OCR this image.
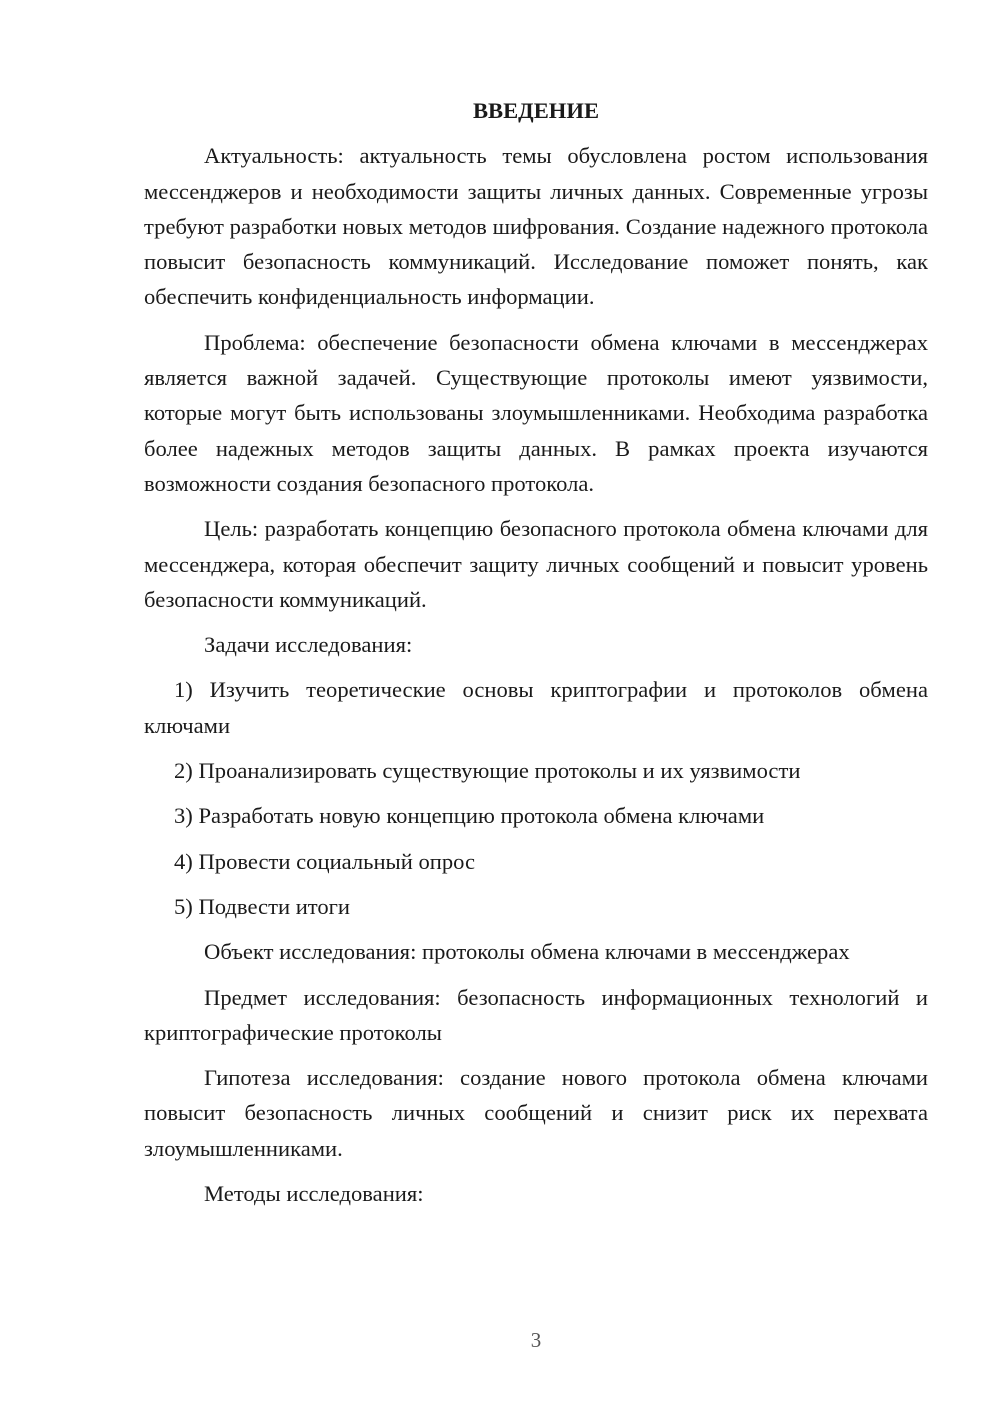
ВВЕДЕНИЕ

Актуальность: актуальность темы обусловлена ростом использования мессенджеров и необходимости защиты личных данных. Современные угрозы требуют разработки новых методов шифрования. Создание надежного протокола повысит безопасность коммуникаций. Исследование поможет понять, как обеспечить конфиденциальность информации.

Проблема: обеспечение безопасности обмена ключами в мессенджерах является важной задачей. Существующие протоколы имеют уязвимости, которые могут быть использованы злоумышленниками. Необходима разработка более надежных методов защиты данных. В рамках проекта изучаются возможности создания безопасного протокола.

Цель: разработать концепцию безопасного протокола обмена ключами для мессенджера, которая обеспечит защиту личных сообщений и повысит уровень безопасности коммуникаций.

Задачи исследования:

1) Изучить теоретические основы криптографии и протоколов обмена ключами

2) Проанализировать существующие протоколы и их уязвимости

3) Разработать новую концепцию протокола обмена ключами

4) Провести социальный опрос

5) Подвести итоги

Объект исследования: протоколы обмена ключами в мессенджерах

Предмет исследования: безопасность информационных технологий и криптографические протоколы

Гипотеза исследования: создание нового протокола обмена ключами повысит безопасность личных сообщений и снизит риск их перехвата злоумышленниками.

Методы исследования:

3
